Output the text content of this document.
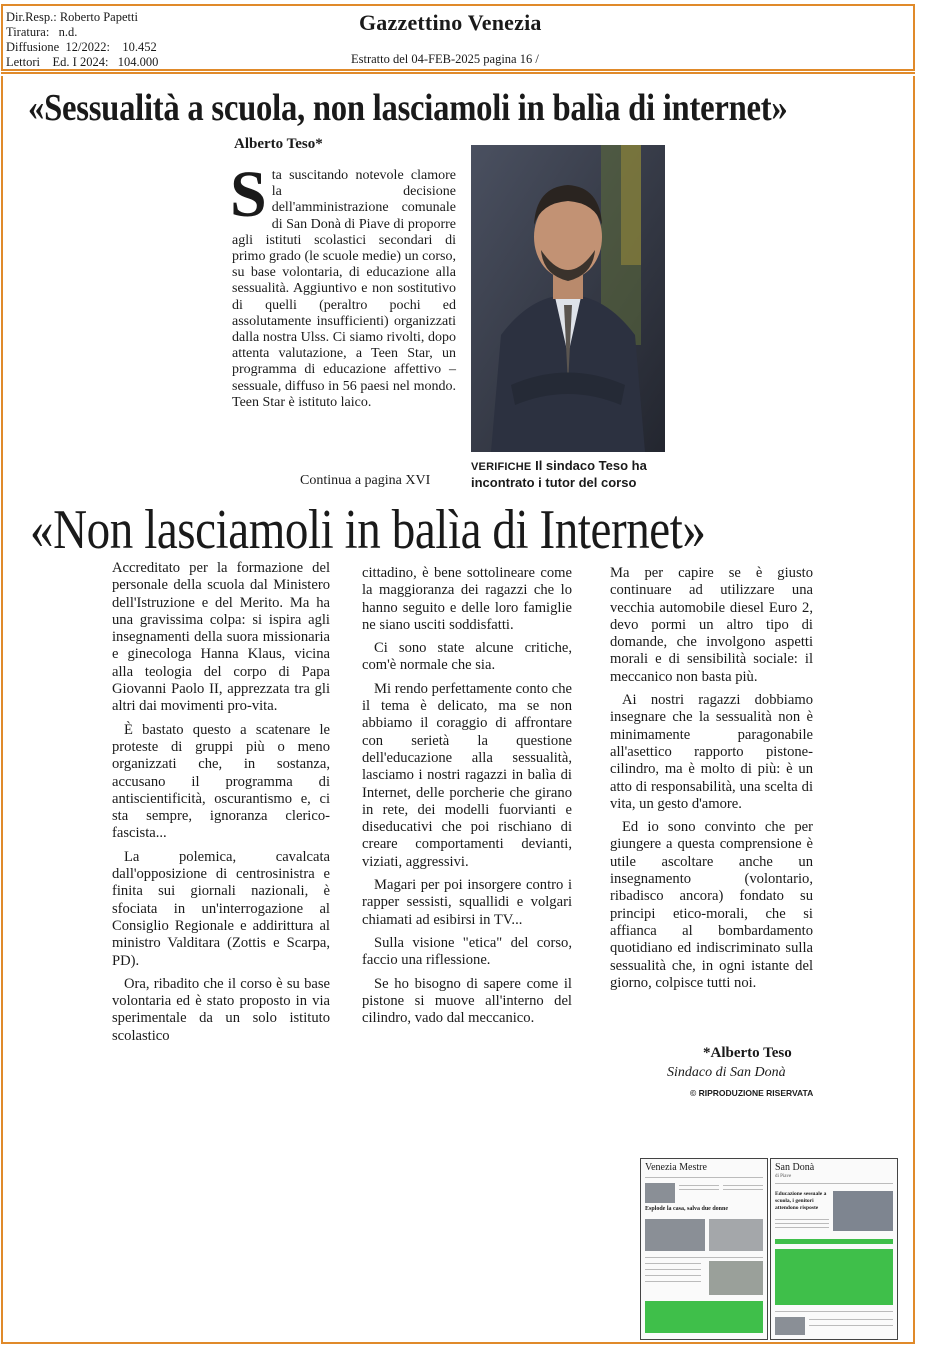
Dir.Resp.: Roberto Papetti
Tiratura:   n.d.
Diffusione  12/2022:    10.452
Lettori    Ed. I 2024:   104.000
Gazzettino Venezia
Estratto del 04-FEB-2025 pagina 16 /
«Sessualità a scuola, non lasciamoli in balìa di internet»
Alberto Teso*
Sta suscitando notevole clamore la decisione dell'amministrazione comunale di San Donà di Piave di proporre agli istituti scolastici secondari di primo grado (le scuole medie) un corso, su base volontaria, di educazione alla sessualità. Aggiuntivo e non sostitutivo di quelli (peraltro pochi ed assolutamente insufficienti) organizzati dalla nostra Ulss. Ci siamo rivolti, dopo attenta valutazione, a Teen Star, un programma di educazione affettivo – sessuale, diffuso in 56 paesi nel mondo. Teen Star è istituto laico.
Continua a pagina XVI
VERIFICHE Il sindaco Teso ha incontrato i tutor del corso
«Non lasciamoli in balìa di Internet»

Accreditato per la formazione del personale della scuola dal Ministero dell'Istruzione e del Merito. Ma ha una gravissima colpa: si ispira agli insegnamenti della suora missionaria e ginecologa Hanna Klaus, vicina alla teologia del corpo di Papa Giovanni Paolo II, apprezzata tra gli altri dai movimenti pro-vita.

È bastato questo a scatenare le proteste di gruppi più o meno organizzati che, in sostanza, accusano il programma di antiscientificità, oscurantismo e, ci sta sempre, ignoranza clerico-fascista...

La polemica, cavalcata dall'opposizione di centrosinistra e finita sui giornali nazionali, è sfociata in un'interrogazione al Consiglio Regionale e addirittura al ministro Valditara (Zottis e Scarpa, PD).

Ora, ribadito che il corso è su base volontaria ed è stato proposto in via sperimentale da un solo istituto scolastico

cittadino, è bene sottolineare come la maggioranza dei ragazzi che lo hanno seguito e delle loro famiglie ne siano usciti soddisfatti.

Ci sono state alcune critiche, com'è normale che sia.

Mi rendo perfettamente conto che il tema è delicato, ma se non abbiamo il coraggio di affrontare con serietà la questione dell'educazione alla sessualità, lasciamo i nostri ragazzi in balìa di Internet, delle porcherie che girano in rete, dei modelli fuorvianti e diseducativi che poi rischiano di creare comportamenti devianti, viziati, aggressivi.

Magari per poi insorgere contro i rapper sessisti, squallidi e volgari chiamati ad esibirsi in TV...

Sulla visione "etica" del corso, faccio una riflessione.

Se ho bisogno di sapere come il pistone si muove all'interno del cilindro, vado dal meccanico.

Ma per capire se è giusto continuare ad utilizzare una vecchia automobile diesel Euro 2, devo pormi un altro tipo di domande, che involgono aspetti morali e di sensibilità sociale: il meccanico non basta più.

Ai nostri ragazzi dobbiamo insegnare che la sessualità non è minimamente paragonabile all'asettico rapporto pistone-cilindro, ma è molto di più: è un atto di responsabilità, una scelta di vita, un gesto d'amore.

Ed io sono convinto che per giungere a questa comprensione è utile ascoltare anche un insegnamento (volontario, ribadisco ancora) fondato su principi etico-morali, che si affianca al bombardamento quotidiano ed indiscriminato sulla sessualità che, in ogni istante del giorno, colpisce tutti noi.

*Alberto Teso
Sindaco di San Donà
© RIPRODUZIONE RISERVATA
Venezia Mestre
Esplode la casa, salva due donne
San Donà
di Piave
Educazione sessuale a scuola, i genitori attendono risposte
